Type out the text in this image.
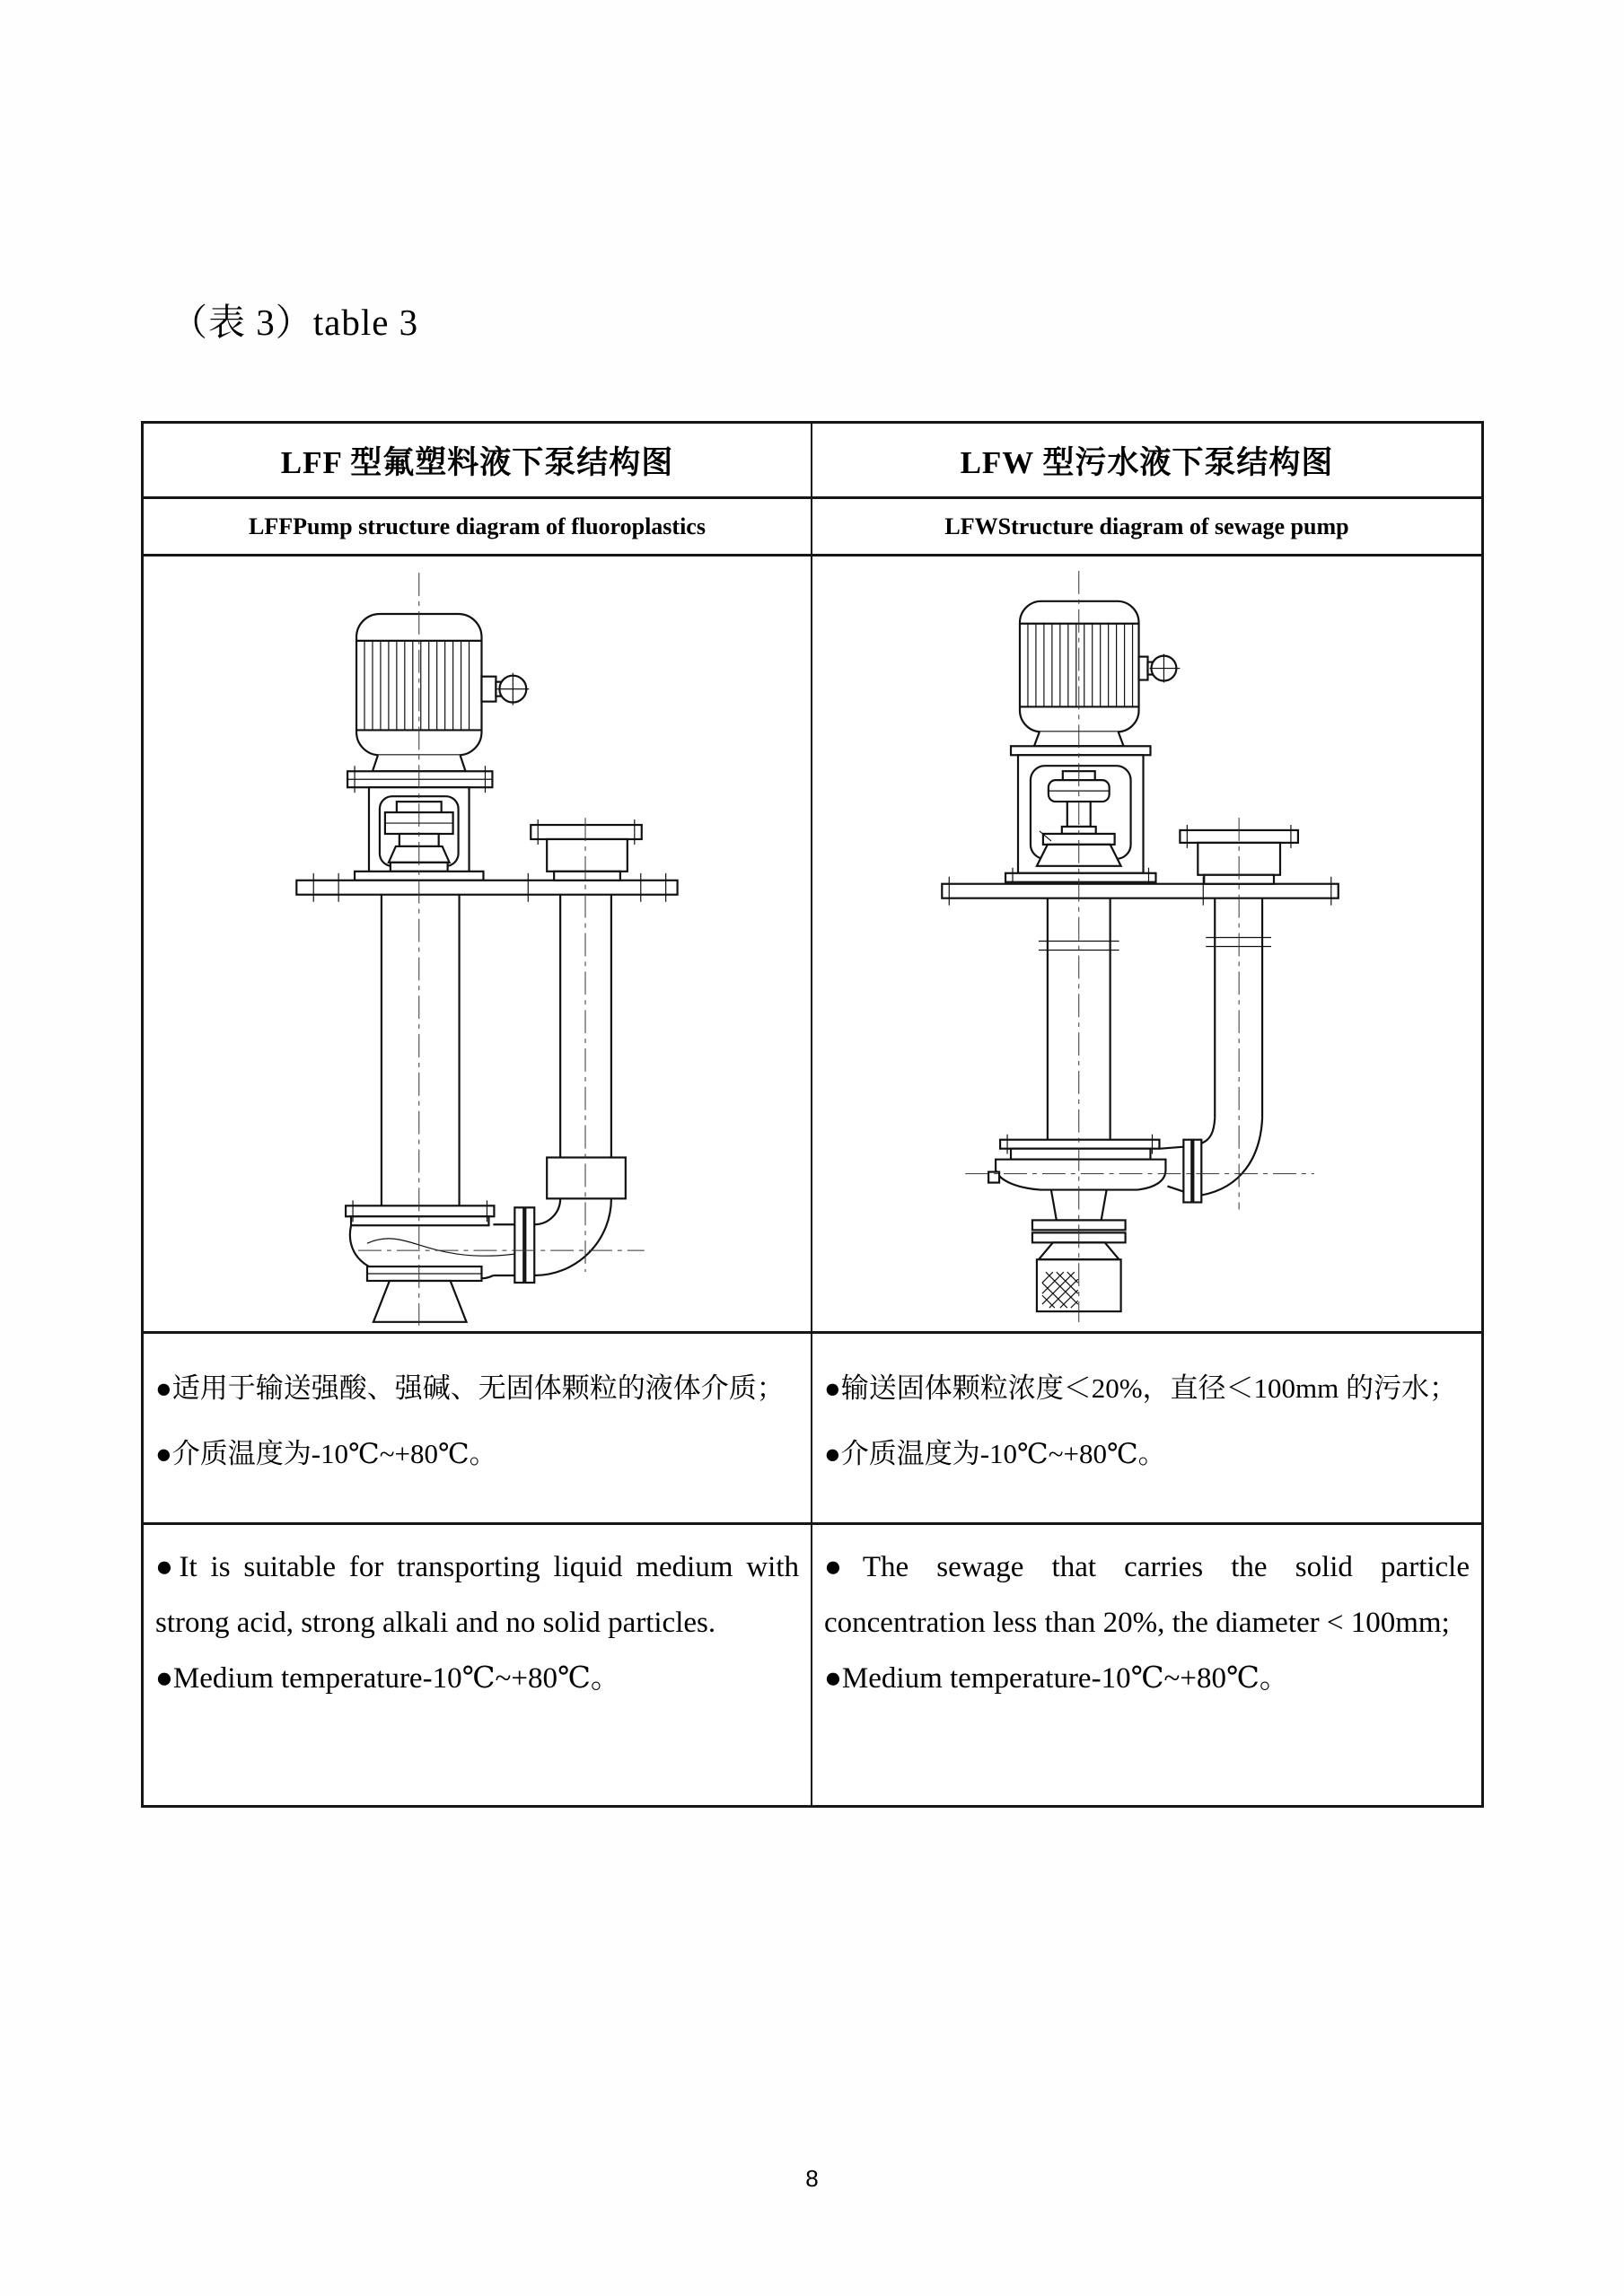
（表 3）table 3
LFF 型氟塑料液下泵结构图	LFW 型污水液下泵结构图
LFFPump structure diagram of fluoroplastics	LFWStructure diagram of sewage pump
●适用于输送强酸、强碱、无固体颗粒的液体介质；
●介质温度为-10℃~+80℃。
●输送固体颗粒浓度＜20%，直径＜100mm 的污水；
●介质温度为-10℃~+80℃。
●It is suitable for transporting liquid medium with
strong acid, strong alkali and no solid particles.
●Medium temperature-10℃~+80℃。
●The sewage that carries the solid particle
concentration less than 20%, the diameter < 100mm;
●Medium temperature-10℃~+80℃。
8
